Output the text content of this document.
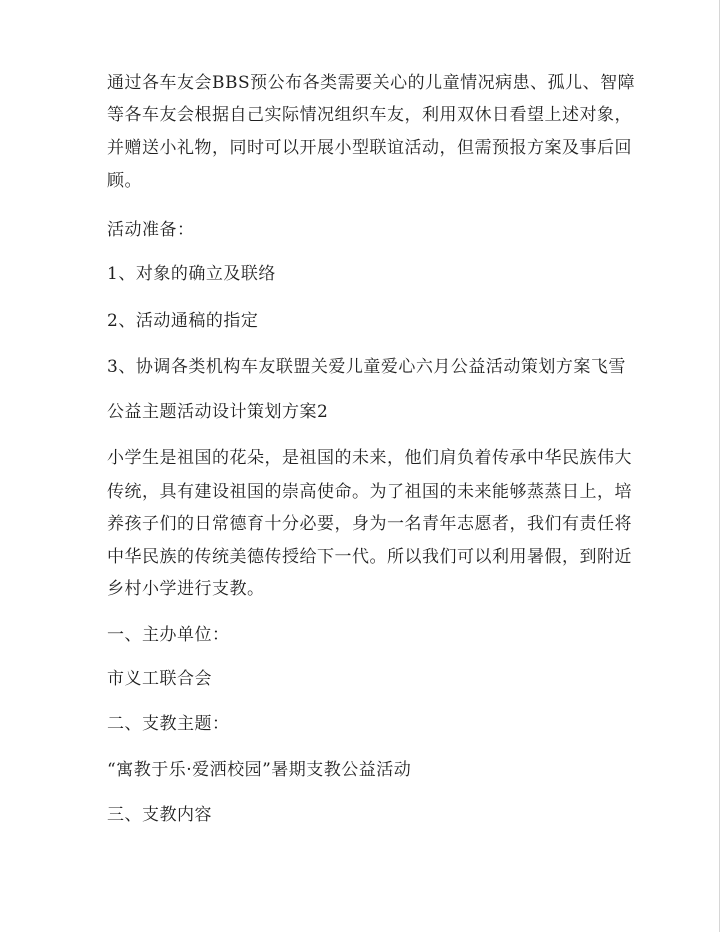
通过各车友会BBS预公布各类需要关心的儿童情况病患、孤儿、智障
等各车友会根据自己实际情况组织车友，利用双休日看望上述对象，
并赠送小礼物，同时可以开展小型联谊活动，但需预报方案及事后回
顾。
活动准备：
1、对象的确立及联络
2、活动通稿的指定
3、协调各类机构车友联盟关爱儿童爱心六月公益活动策划方案飞雪
公益主题活动设计策划方案2
小学生是祖国的花朵，是祖国的未来，他们肩负着传承中华民族伟大
传统，具有建设祖国的崇高使命。为了祖国的未来能够蒸蒸日上，培
养孩子们的日常德育十分必要，身为一名青年志愿者，我们有责任将
中华民族的传统美德传授给下一代。所以我们可以利用暑假，到附近
乡村小学进行支教。
一、主办单位：
市义工联合会
二、支教主题：
“寓教于乐·爱洒校园”暑期支教公益活动
三、支教内容
